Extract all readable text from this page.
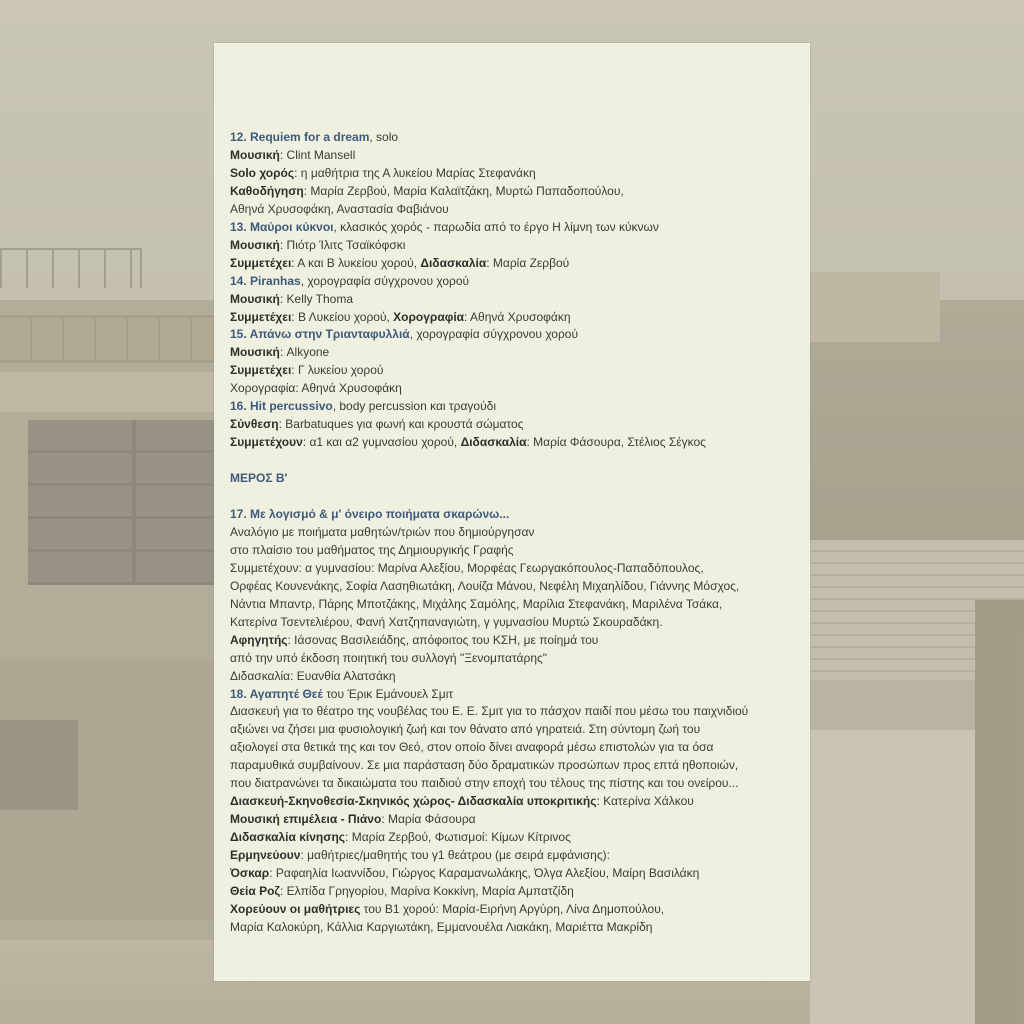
12. Requiem for a dream, solo
Μουσική: Clint Mansell
Solo χορός: η μαθήτρια της Α λυκείου Μαρίας Στεφανάκη
Καθοδήγηση: Μαρία Ζερβού, Μαρία Καλαϊτζάκη, Μυρτώ Παπαδοπούλου,
Αθηνά Χρυσοφάκη, Αναστασία Φαβιάνου
13. Μαύροι κύκνοι, κλασικός χορός - παρωδία από το έργο Η λίμνη των κύκνων
Μουσική: Πιότρ Ίλιτς Τσαϊκόφσκι
Συμμετέχει: Α και Β λυκείου χορού, Διδασκαλία: Μαρία Ζερβού
14. Piranhas, χορογραφία σύγχρονου χορού
Μουσική: Kelly Thoma
Συμμετέχει: Β Λυκείου χορού, Χορογραφία: Αθηνά Χρυσοφάκη
15. Απάνω στην Τριανταφυλλιά, χορογραφία σύγχρονου χορού
Μουσική: Alkyone
Συμμετέχει: Γ λυκείου χορού
Χορογραφία: Αθηνά Χρυσοφάκη
16. Hit percussivo, body percussion και τραγούδι
Σύνθεση: Barbatuques για φωνή και κρουστά σώματος
Συμμετέχουν: α1 και α2 γυμνασίου χορού, Διδασκαλία: Μαρία Φάσουρα, Στέλιος Σέγκος
ΜΕΡΟΣ Β'
17. Με λογισμό & μ' όνειρο ποιήματα σκαρώνω...
Αναλόγιο με ποιήματα μαθητών/τριών που δημιούργησαν
στο πλαίσιο του μαθήματος της Δημιουργικής Γραφής
Συμμετέχουν: α γυμνασίου: Μαρίνα Αλεξίου, Μορφέας Γεωργακόπουλος-Παπαδόπουλος,
Ορφέας Κουνενάκης, Σοφία Λασηθιωτάκη, Λουίζα Μάνου, Νεφέλη Μιχαηλίδου, Γιάννης Μόσχος,
Νάντια Μπαντρ, Πάρης Μποτζάκης, Μιχάλης Σαμόλης, Μαρίλια Στεφανάκη, Μαριλένα Τσάκα,
Κατερίνα Τσεντελιέρου, Φανή Χατζηπαναγιώτη, γ γυμνασίου Μυρτώ Σκουραδάκη.
Αφηγητής: Ιάσονας Βασιλειάδης, απόφοιτος του ΚΣΗ, με ποίημά του
από την υπό έκδοση ποιητική του συλλογή "Ξενομπατάρης"
Διδασκαλία: Ευανθία Αλατσάκη
18. Αγαπητέ Θεέ του Έρικ Εμάνουελ Σμιτ
Διασκευή για το θέατρο της νουβέλας του Ε. Ε. Σμιτ για το πάσχον παιδί που μέσω του παιχνιδιού
αξιώνει να ζήσει μια φυσιολογική ζωή και τον θάνατο από γηρατειά. Στη σύντομη ζωή του
αξιολογεί στα θετικά της και τον Θεό, στον οποίο δίνει αναφορά μέσω επιστολών για τα όσα
παραμυθικά συμβαίνουν. Σε μια παράσταση δύο δραματικών προσώπων προς επτά ηθοποιών,
που διατρανώνει τα δικαιώματα του παιδιού στην εποχή του τέλους της πίστης και του ονείρου...
Διασκευή-Σκηνοθεσία-Σκηνικός χώρος- Διδασκαλία υποκριτικής: Κατερίνα Χάλκου
Μουσική επιμέλεια - Πιάνο: Μαρία Φάσουρα
Διδασκαλία κίνησης: Μαρία Ζερβού, Φωτισμοί: Κίμων Κίτρινος
Ερμηνεύουν: μαθήτριες/μαθητής του γ1 θεάτρου (με σειρά εμφάνισης):
Όσκαρ: Ραφαηλία Ιωαννίδου, Γιώργος Καραμανωλάκης, Όλγα Αλεξίου, Μαίρη Βασιλάκη
Θεία Ροζ: Ελπίδα Γρηγορίου, Μαρίνα Κοκκίνη, Μαρία Αμπατζίδη
Χορεύουν οι μαθήτριες του Β1 χορού: Μαρία-Ειρήνη Αργύρη, Λίνα Δημοπούλου,
Μαρία Καλοκύρη, Κάλλια Καργιωτάκη, Εμμανουέλα Λιακάκη, Μαριέττα Μακρίδη
